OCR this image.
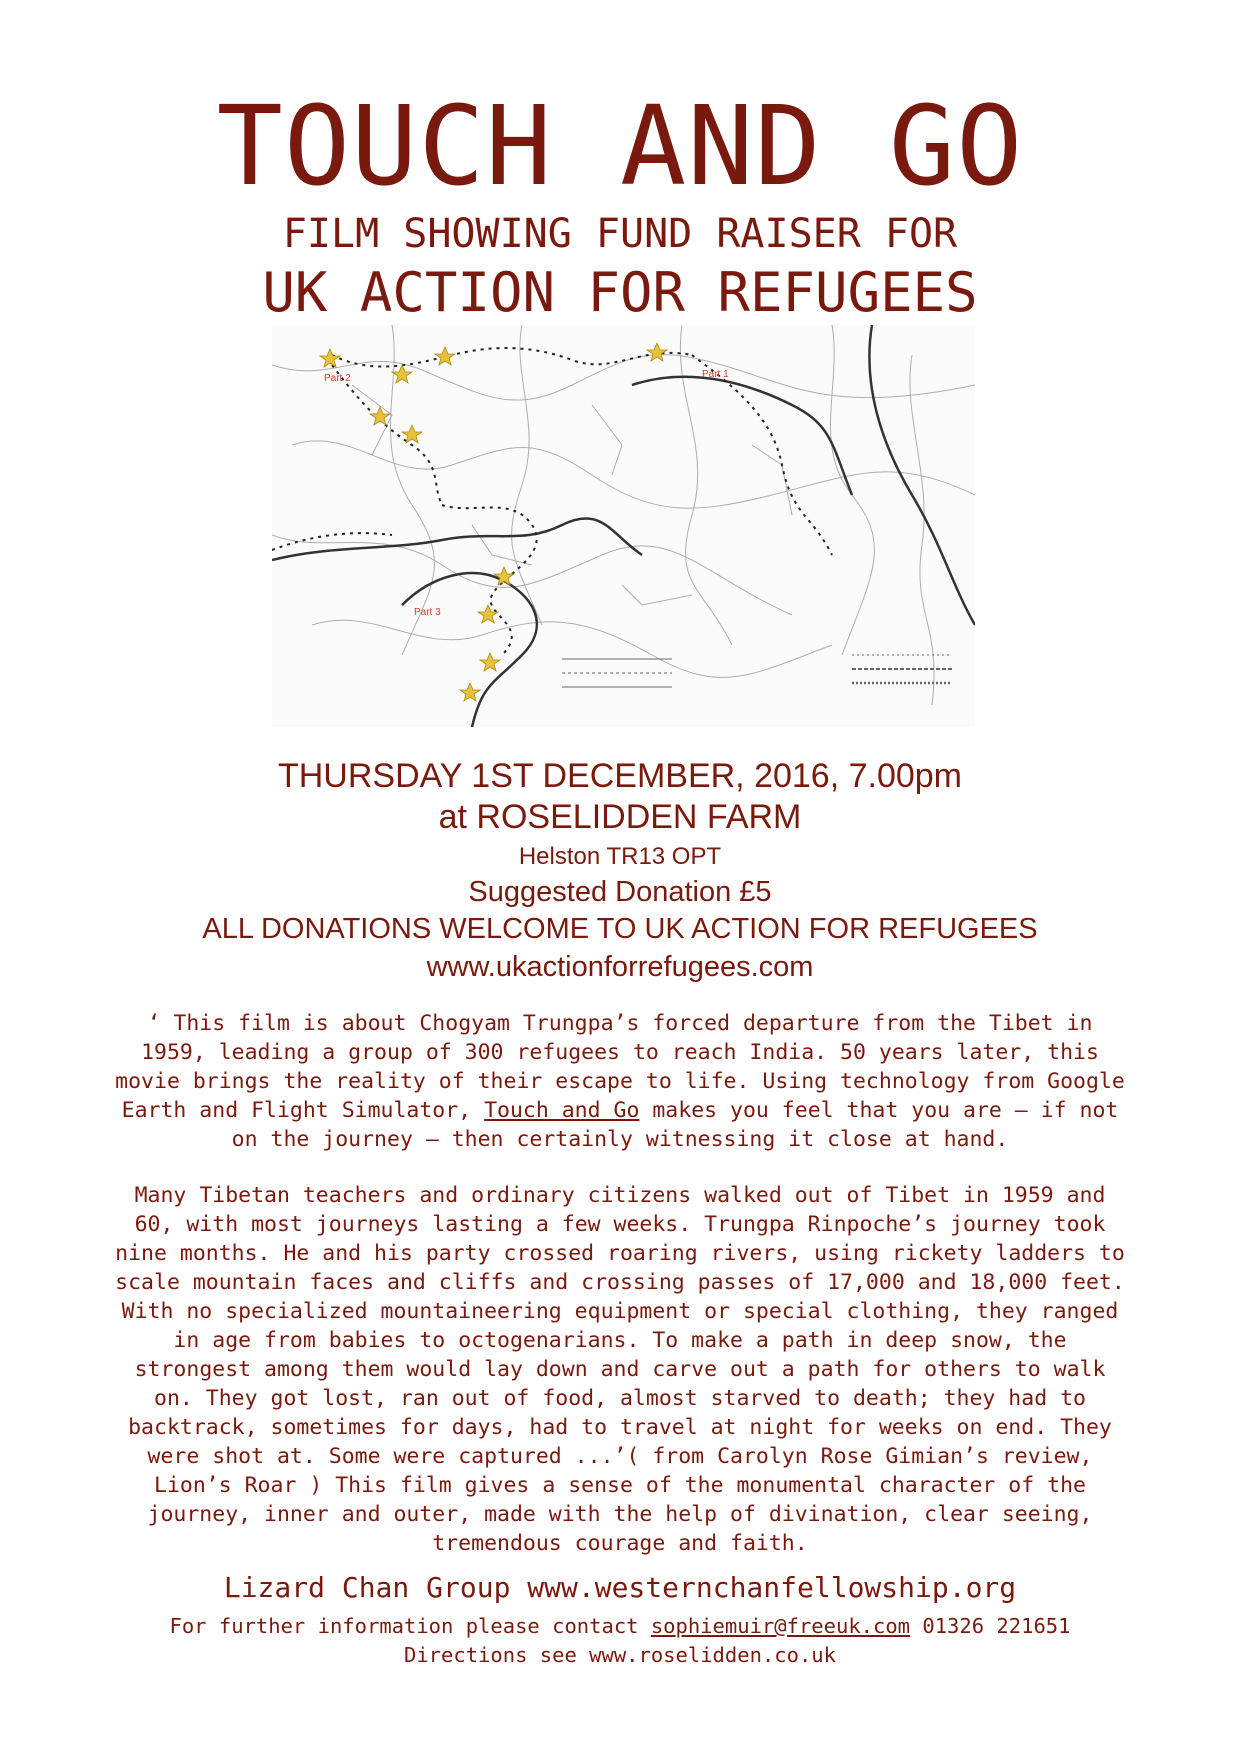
TOUCH AND GO
FILM SHOWING FUND RAISER FOR
UK ACTION FOR REFUGEES
Part 2	Part 1
Part 3
THURSDAY 1ST DECEMBER, 2016, 7.00pm
at ROSELIDDEN FARM
Helston TR13 OPT
Suggested Donation £5
ALL DONATIONS WELCOME TO UK ACTION FOR REFUGEES
www.ukactionforrefugees.com
‘ This film is about Chogyam Trungpa’s forced departure from the Tibet in 1959, leading a group of 300 refugees to reach India. 50 years later, this movie brings the reality of their escape to life. Using technology from Google Earth and Flight Simulator, Touch and Go makes you feel that you are – if not on the journey – then certainly witnessing it close at hand.
Many Tibetan teachers and ordinary citizens walked out of Tibet in 1959 and 60, with most journeys lasting a few weeks. Trungpa Rinpoche’s journey took nine months. He and his party crossed roaring rivers, using rickety ladders to scale mountain faces and cliffs and crossing passes of 17,000 and 18,000 feet. With no specialized mountaineering equipment or special clothing, they ranged in age from babies to octogenarians. To make a path in deep snow, the strongest among them would lay down and carve out a path for others to walk on. They got lost, ran out of food, almost starved to death; they had to backtrack, sometimes for days, had to travel at night for weeks on end. They were shot at. Some were captured ...’( from Carolyn Rose Gimian’s review, Lion’s Roar ) This film gives a sense of the monumental character of the journey, inner and outer, made with the help of divination, clear seeing, tremendous courage and faith.
Lizard Chan Group www.westernchanfellowship.org
For further information please contact sophiemuir@freeuk.com 01326 221651
Directions see www.roselidden.co.uk
